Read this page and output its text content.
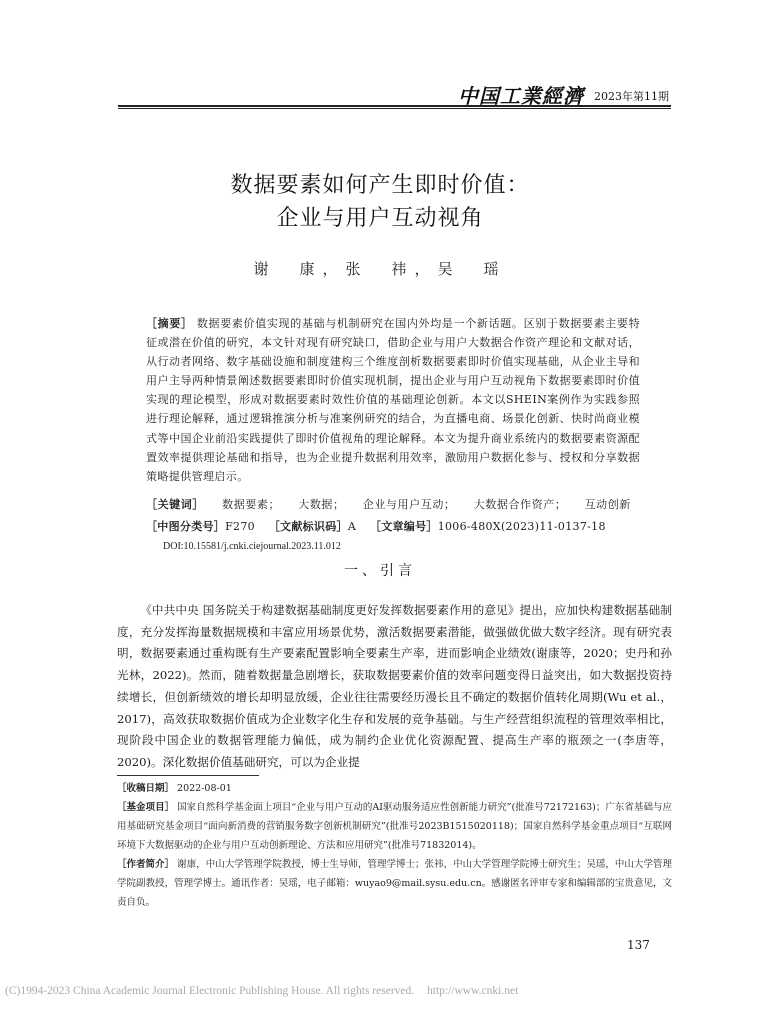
中国工業經濟 2023年第11期
数据要素如何产生即时价值：
企业与用户互动视角
谢　康，张　祎，吴　瑶
［摘要］ 数据要素价值实现的基础与机制研究在国内外均是一个新话题。区别于数据要素主要特征或潜在价值的研究，本文针对现有研究缺口，借助企业与用户大数据合作资产理论和文献对话，从行动者网络、数字基础设施和制度建构三个维度剖析数据要素即时价值实现基础，从企业主导和用户主导两种情景阐述数据要素即时价值实现机制，提出企业与用户互动视角下数据要素即时价值实现的理论模型，形成对数据要素时效性价值的基础理论创新。本文以SHEIN案例作为实践参照进行理论解释，通过逻辑推演分析与准案例研究的结合，为直播电商、场景化创新、快时尚商业模式等中国企业前沿实践提供了即时价值视角的理论解释。本文为提升商业系统内的数据要素资源配置效率提供理论基础和指导，也为企业提升数据利用效率，激励用户数据化参与、授权和分享数据策略提供管理启示。
［关键词］ 数据要素； 大数据； 企业与用户互动； 大数据合作资产； 互动创新
［中图分类号］F270 ［文献标识码］A ［文章编号］1006-480X(2023)11-0137-18
DOI:10.15581/j.cnki.ciejournal.2023.11.012
一、引言
《中共中央 国务院关于构建数据基础制度更好发挥数据要素作用的意见》提出，应加快构建数据基础制度，充分发挥海量数据规模和丰富应用场景优势，激活数据要素潜能，做强做优做大数字经济。现有研究表明，数据要素通过重构既有生产要素配置影响全要素生产率，进而影响企业绩效(谢康等，2020；史丹和孙光林，2022)。然而，随着数据量急剧增长，获取数据要素价值的效率问题变得日益突出，如大数据投资持续增长，但创新绩效的增长却明显放缓，企业往往需要经历漫长且不确定的数据价值转化周期(Wu et al.，2017)，高效获取数据价值成为企业数字化生存和发展的竞争基础。与生产经营组织流程的管理效率相比，现阶段中国企业的数据管理能力偏低，成为制约企业优化资源配置、提高生产率的瓶颈之一(李唐等，2020)。深化数据价值基础研究，可以为企业提
［收稿日期］ 2022-08-01
［基金项目］ 国家自然科学基金面上项目“企业与用户互动的AI驱动服务适应性创新能力研究”(批准号72172163)；广东省基础与应用基础研究基金项目“面向新消费的营销服务数字创新机制研究”(批准号2023B1515020118)；国家自然科学基金重点项目“互联网环境下大数据驱动的企业与用户互动创新理论、方法和应用研究”(批准号71832014)。
［作者简介］ 谢康，中山大学管理学院教授，博士生导师，管理学博士；张祎，中山大学管理学院博士研究生；吴瑶，中山大学管理学院副教授，管理学博士。通讯作者：吴瑶，电子邮箱：wuyao9@mail.sysu.edu.cn。感谢匿名评审专家和编辑部的宝贵意见，文责自负。
137
(C)1994-2023 China Academic Journal Electronic Publishing House. All rights reserved. http://www.cnki.net
